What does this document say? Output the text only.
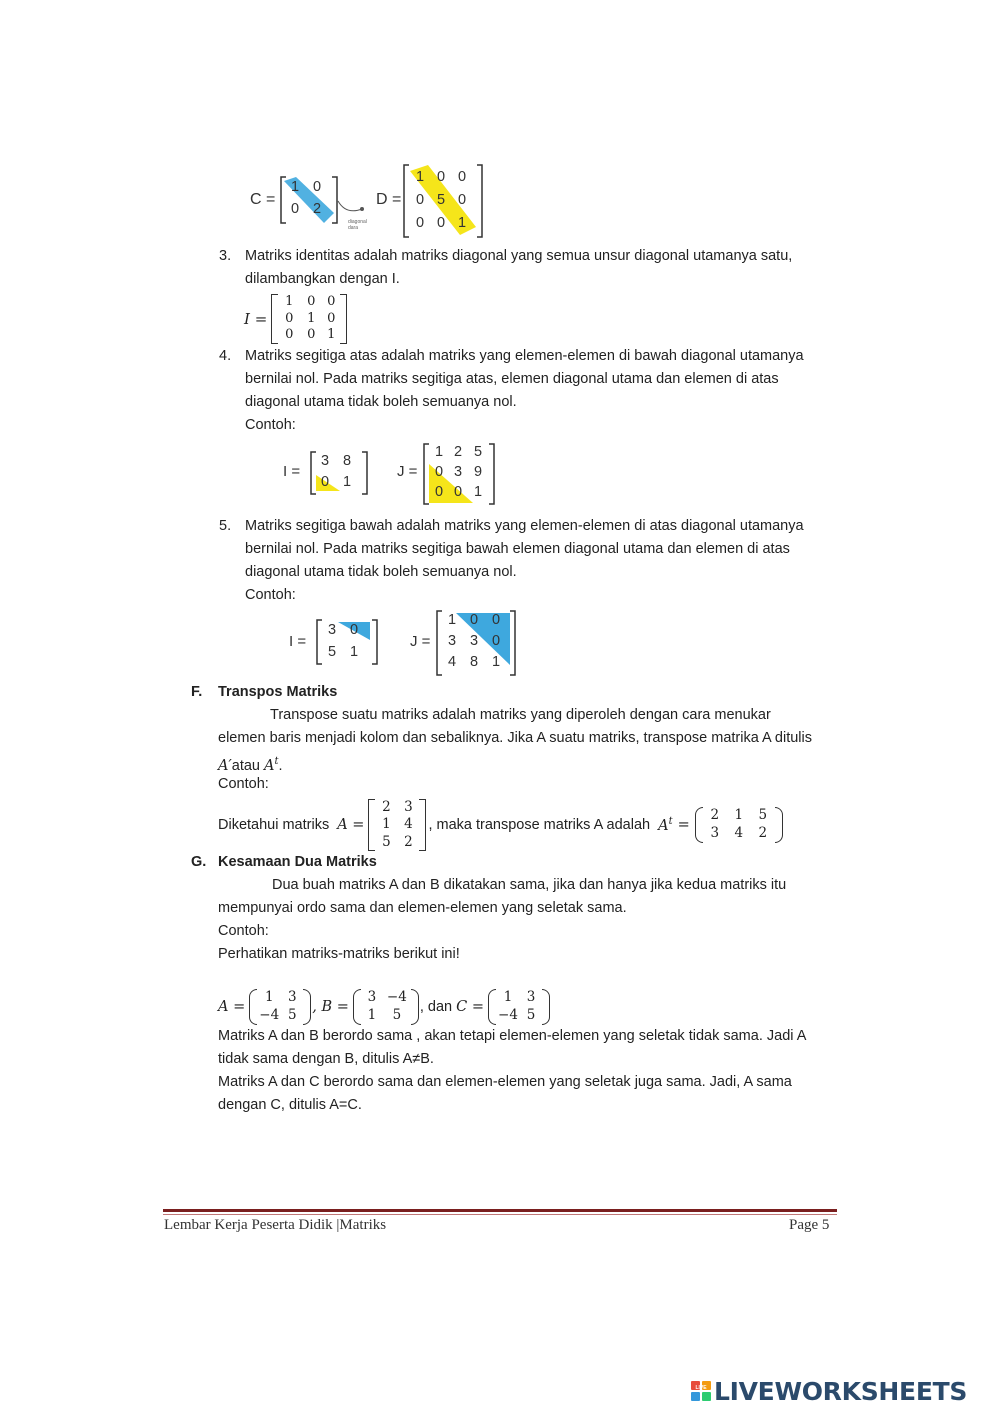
C =
1 0
0 2
diagonal dara
D =
1 0 0
0 5 0
0 0 1
3. Matriks identitas adalah matriks diagonal yang semua unsur diagonal utamanya satu,
dilambangkan dengan I.
I =
1	0 0
0	1 0
0	0 1
4. Matriks segitiga atas adalah matriks yang elemen-elemen di bawah diagonal utamanya
bernilai nol. Pada matriks segitiga atas, elemen diagonal utama dan elemen di atas
diagonal utama tidak boleh semuanya nol.
Contoh:
I =
3 8
0 1
J =
1 2 5
0 3 9
0 0 1
5. Matriks segitiga bawah adalah matriks yang elemen-elemen di atas diagonal utamanya
bernilai nol. Pada matriks segitiga bawah elemen diagonal utama dan elemen di atas
diagonal utama tidak boleh semuanya nol.
Contoh:
I =
3 0
5 1
J =
1 0 0
3 3 0
4 8 1
F. Transpos Matriks
Transpose suatu matriks adalah matriks yang diperoleh dengan cara menukar
elemen baris menjadi kolom dan sebaliknya. Jika A suatu matriks, transpose matrika A ditulis
A′atau $A^t$.
Contoh:
Diketahui matriks A =
2 3
1 4
5 2
, maka transpose matriks A adalah $A^t$ =
2	1	5
3	4	2
G. Kesamaan Dua Matriks
Dua buah matriks A dan B dikatakan sama, jika dan hanya jika kedua matriks itu
mempunyai ordo sama dan elemen-elemen yang seletak sama.
Contoh:
Perhatikan matriks-matriks berikut ini!
A =
1	3
−4 5	, B =
3 −4
1	5	, dan C =
1	3
−4 5
Matriks A dan B berordo sama , akan tetapi elemen-elemen yang seletak tidak sama. Jadi A
tidak sama dengan B, ditulis A≠B.
Matriks A dan C berordo sama dan elemen-elemen yang seletak juga sama. Jadi, A sama
dengan C, ditulis A=C.
Lembar Kerja Peserta Didik |Matriks	Page 5
LIVE LIVEWORKSHEETS
